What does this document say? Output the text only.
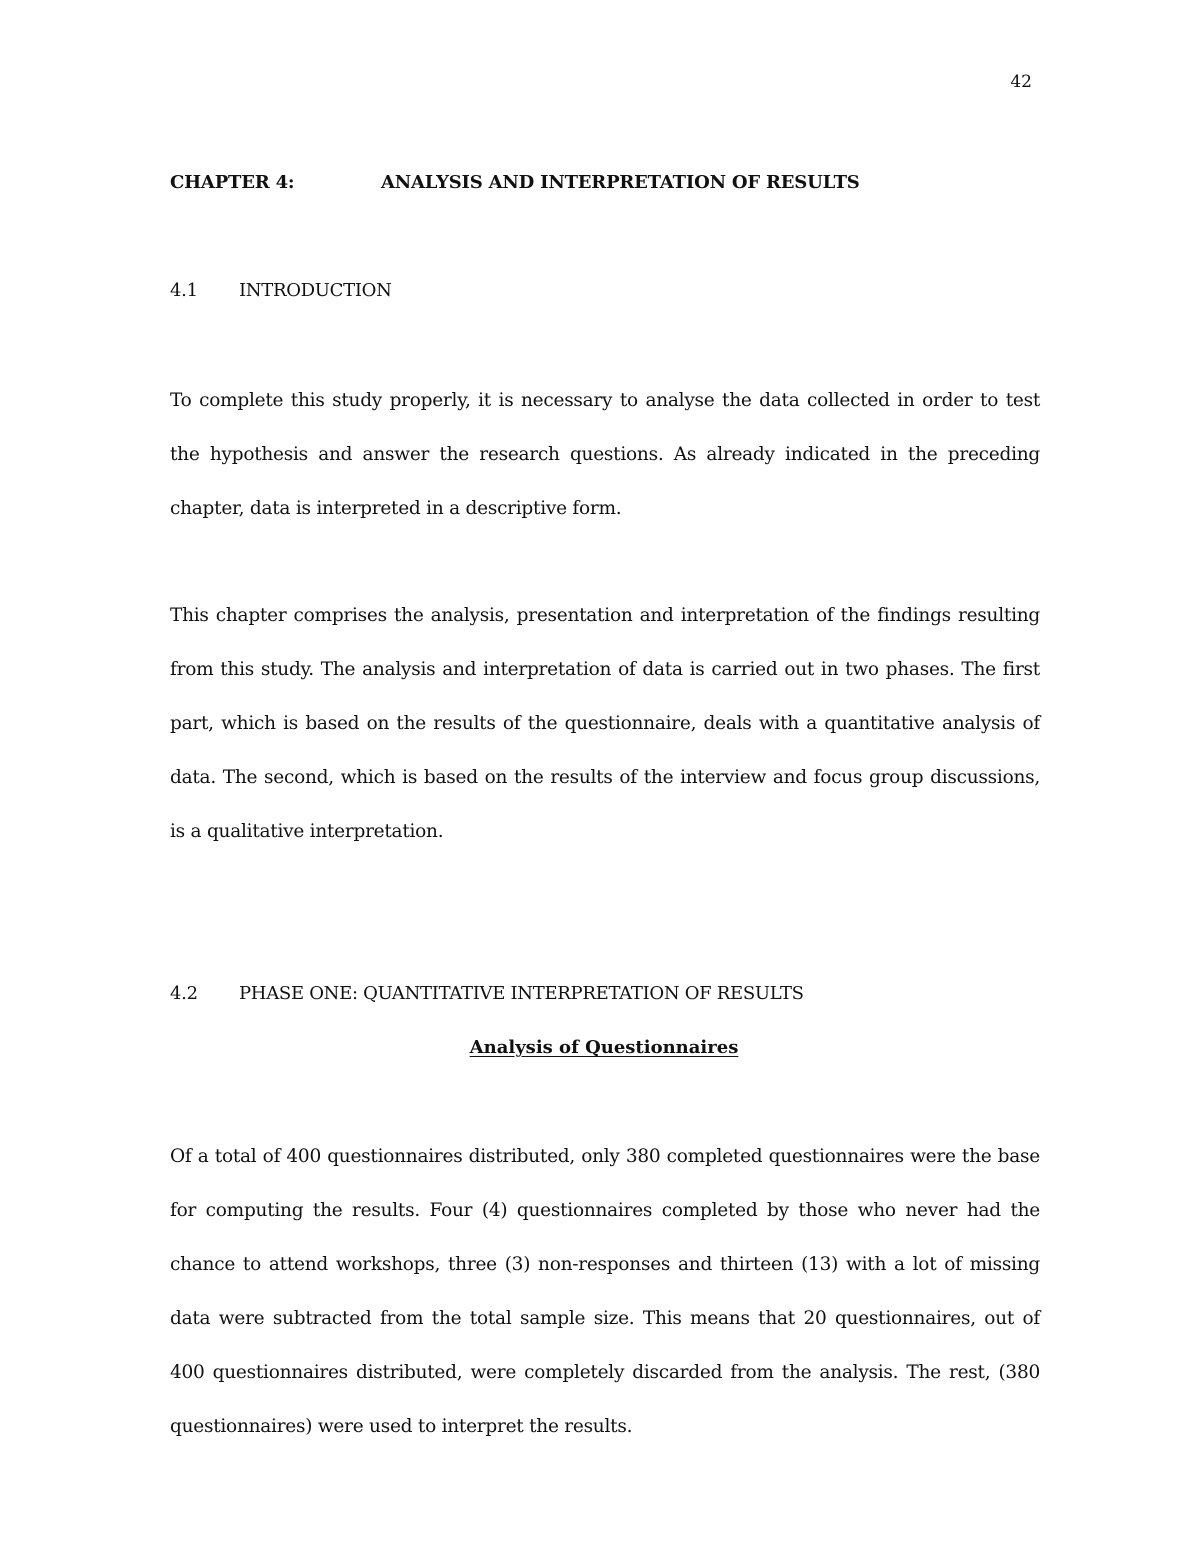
42
CHAPTER 4:	ANALYSIS AND INTERPRETATION OF RESULTS
4.1 INTRODUCTION

To complete this study properly, it is necessary to analyse the data collected in order to test the hypothesis and answer the research questions. As already indicated in the preceding chapter, data is interpreted in a descriptive form.

This chapter comprises the analysis, presentation and interpretation of the findings resulting from this study. The analysis and interpretation of data is carried out in two phases. The first part, which is based on the results of the questionnaire, deals with a quantitative analysis of data. The second, which is based on the results of the interview and focus group discussions, is a qualitative interpretation.

4.2 PHASE ONE: QUANTITATIVE INTERPRETATION OF RESULTS
Analysis of Questionnaires

Of a total of 400 questionnaires distributed, only 380 completed questionnaires were the base for computing the results. Four (4) questionnaires completed by those who never had the chance to attend workshops, three (3) non-responses and thirteen (13) with a lot of missing data were subtracted from the total sample size. This means that 20 questionnaires, out of 400 questionnaires distributed, were completely discarded from the analysis. The rest, (380 questionnaires) were used to interpret the results.
